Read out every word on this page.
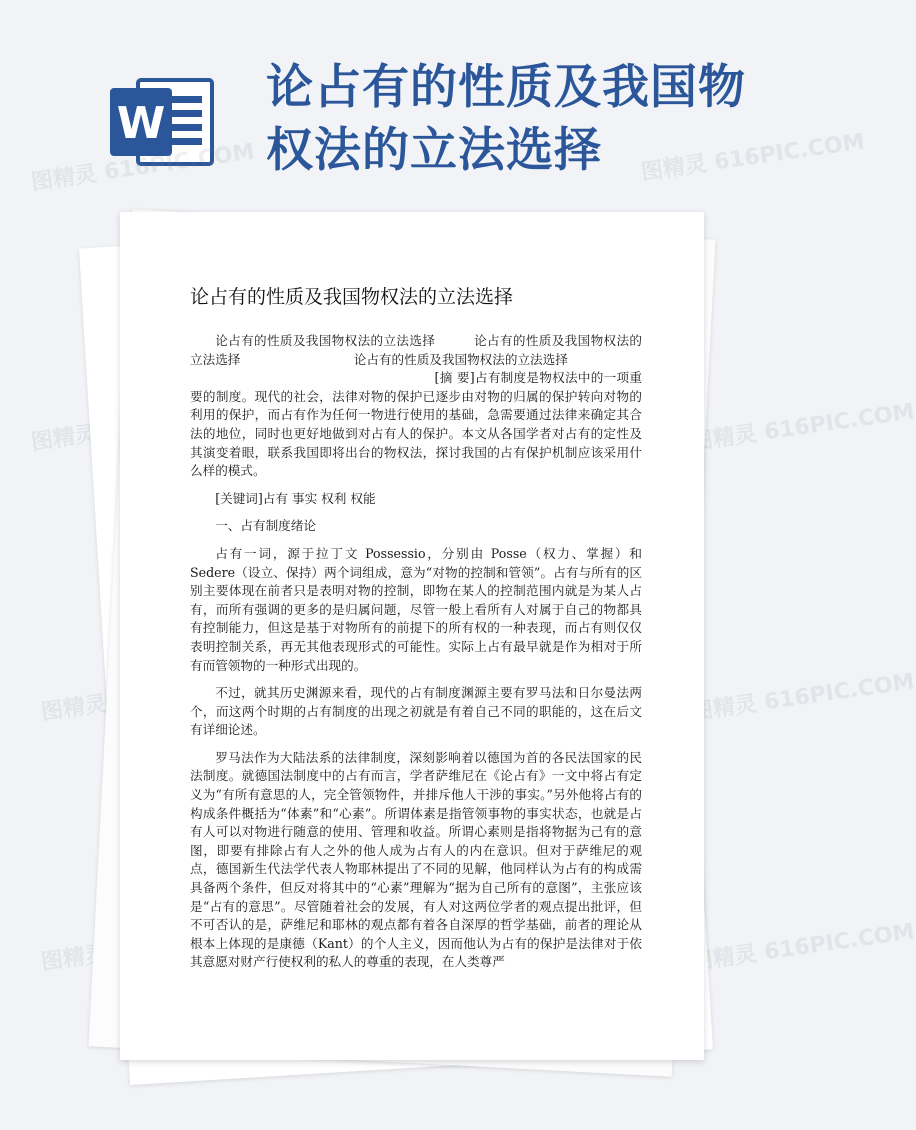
W
论占有的性质及我国物权法的立法选择
图精灵 616PIC.COM	图精灵 616PIC.COM
图精灵	图精灵 616PIC.COM
图精灵	图精灵 616PIC.COM
图精灵	图精灵 616PIC.COM
论占有的性质及我国物权法的立法选择

论占有的性质及我国物权法的立法选择　　　论占有的性质及我国物权法的立法选择　　　　　　　　　论占有的性质及我国物权法的立法选择

　　　　　　　　　　　　　　　　　　　[摘 要]占有制度是物权法中的一项重要的制度。现代的社会，法律对物的保护已逐步由对物的归属的保护转向对物的利用的保护，而占有作为任何一物进行使用的基础，急需要通过法律来确定其合法的地位，同时也更好地做到对占有人的保护。本文从各国学者对占有的定性及其演变着眼，联系我国即将出台的物权法，探讨我国的占有保护机制应该采用什么样的模式。

[关键词]占有 事实 权利 权能

一、占有制度绪论

占有一词，源于拉丁文 Possessio，分别由 Posse（权力、掌握）和 Sedere（设立、保持）两个词组成，意为“对物的控制和管领”。占有与所有的区别主要体现在前者只是表明对物的控制，即物在某人的控制范围内就是为某人占有，而所有强调的更多的是归属问题，尽管一般上看所有人对属于自己的物都具有控制能力，但这是基于对物所有的前提下的所有权的一种表现，而占有则仅仅表明控制关系，再无其他表现形式的可能性。实际上占有最早就是作为相对于所有而管领物的一种形式出现的。

不过，就其历史渊源来看，现代的占有制度渊源主要有罗马法和日尔曼法两个，而这两个时期的占有制度的出现之初就是有着自己不同的职能的，这在后文有详细论述。

罗马法作为大陆法系的法律制度，深刻影响着以德国为首的各民法国家的民法制度。就德国法制度中的占有而言，学者萨维尼在《论占有》一文中将占有定义为“有所有意思的人，完全管领物件，并排斥他人干涉的事实。”另外他将占有的构成条件概括为“体素”和“心素”。所谓体素是指管领事物的事实状态，也就是占有人可以对物进行随意的使用、管理和收益。所谓心素则是指将物据为己有的意图，即要有排除占有人之外的他人成为占有人的内在意识。但对于萨维尼的观点，德国新生代法学代表人物耶林提出了不同的见解，他同样认为占有的构成需具备两个条件，但反对将其中的“心素”理解为“据为自己所有的意图”，主张应该是“占有的意思”。尽管随着社会的发展，有人对这两位学者的观点提出批评，但不可否认的是，萨维尼和耶林的观点都有着各自深厚的哲学基础，前者的理论从根本上体现的是康德（Kant）的个人主义，因而他认为占有的保护是法律对于依其意愿对财产行使权利的私人的尊重的表现，在人类尊严
